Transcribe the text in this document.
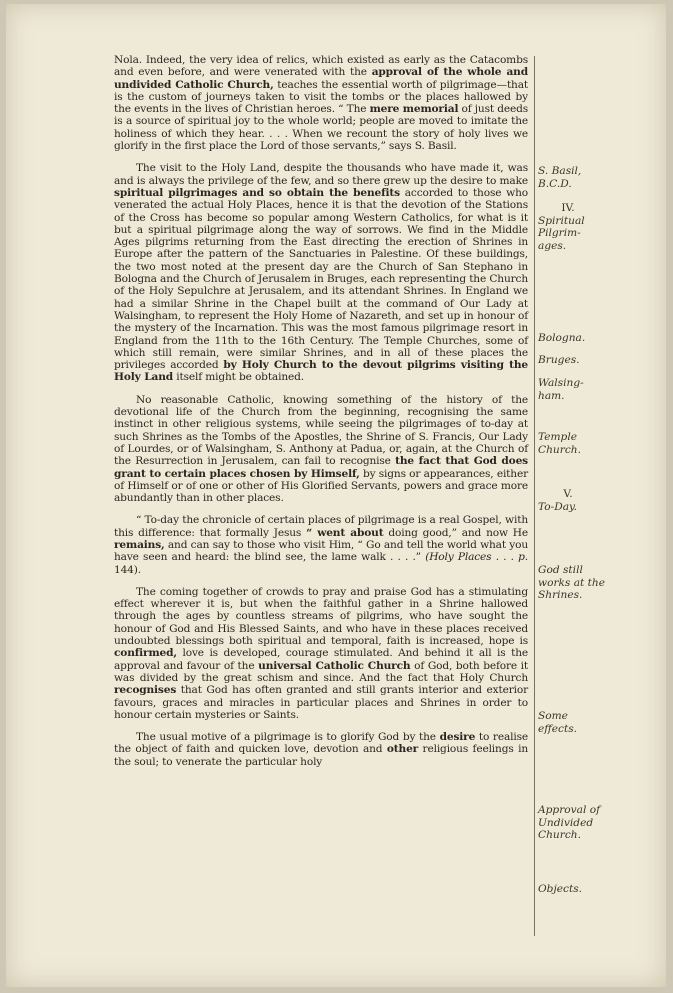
Nola. Indeed, the very idea of relics, which existed as early as the Catacombs and even before, and were venerated with the approval of the whole and undivided Catholic Church, teaches the essential worth of pilgrimage—that is the custom of journeys taken to visit the tombs or the places hallowed by the events in the lives of Christian heroes. “ The mere memorial of just deeds is a source of spiritual joy to the whole world; people are moved to imitate the holiness of which they hear. . . . When we recount the story of holy lives we glorify in the first place the Lord of those servants,” says S. Basil.

The visit to the Holy Land, despite the thousands who have made it, was and is always the privilege of the few, and so there grew up the desire to make spiritual pilgrimages and so obtain the benefits accorded to those who venerated the actual Holy Places, hence it is that the devotion of the Stations of the Cross has become so popular among Western Catholics, for what is it but a spiritual pilgrimage along the way of sorrows. We find in the Middle Ages pilgrims returning from the East directing the erection of Shrines in Europe after the pattern of the Sanctuaries in Palestine. Of these buildings, the two most noted at the present day are the Church of San Stephano in Bologna and the Church of Jerusalem in Bruges, each representing the Church of the Holy Sepulchre at Jerusalem, and its attendant Shrines. In England we had a similar Shrine in the Chapel built at the command of Our Lady at Walsingham, to represent the Holy Home of Nazareth, and set up in honour of the mystery of the Incarnation. This was the most famous pilgrimage resort in England from the 11th to the 16th Century. The Temple Churches, some of which still remain, were similar Shrines, and in all of these places the privileges accorded by Holy Church to the devout pilgrims visiting the Holy Land itself might be obtained.

No reasonable Catholic, knowing something of the history of the devotional life of the Church from the beginning, recognising the same instinct in other religious systems, while seeing the pilgrimages of to-day at such Shrines as the Tombs of the Apostles, the Shrine of S. Francis, Our Lady of Lourdes, or of Walsingham, S. Anthony at Padua, or, again, at the Church of the Resurrection in Jerusalem, can fail to recognise the fact that God does grant to certain places chosen by Himself, by signs or appearances, either of Himself or of one or other of His Glorified Servants, powers and grace more abundantly than in other places.

“ To-day the chronicle of certain places of pilgrimage is a real Gospel, with this difference: that formally Jesus “ went about doing good,” and now He remains, and can say to those who visit Him, “ Go and tell the world what you have seen and heard: the blind see, the lame walk . . . .” (Holy Places . . . p. 144).

The coming together of crowds to pray and praise God has a stimulating effect wherever it is, but when the faithful gather in a Shrine hallowed through the ages by countless streams of pilgrims, who have sought the honour of God and His Blessed Saints, and who have in these places received undoubted blessings both spiritual and temporal, faith is increased, hope is confirmed, love is developed, courage stimulated. And behind it all is the approval and favour of the universal Catholic Church of God, both before it was divided by the great schism and since. And the fact that Holy Church recognises that God has often granted and still grants interior and exterior favours, graces and miracles in particular places and Shrines in order to honour certain mysteries or Saints.

The usual motive of a pilgrimage is to glorify God by the desire to realise the object of faith and quicken love, devotion and other religious feelings in the soul; to venerate the particular holy

S. Basil,
B.C.D.
IV.
Spiritual
Pilgrim-
ages.
Bologna.
Bruges.
Walsing-
ham.
Temple
Church.
V.
To-Day.
God still
works at the
Shrines.
Some
effects.
Approval of
Undivided
Church.
Objects.
